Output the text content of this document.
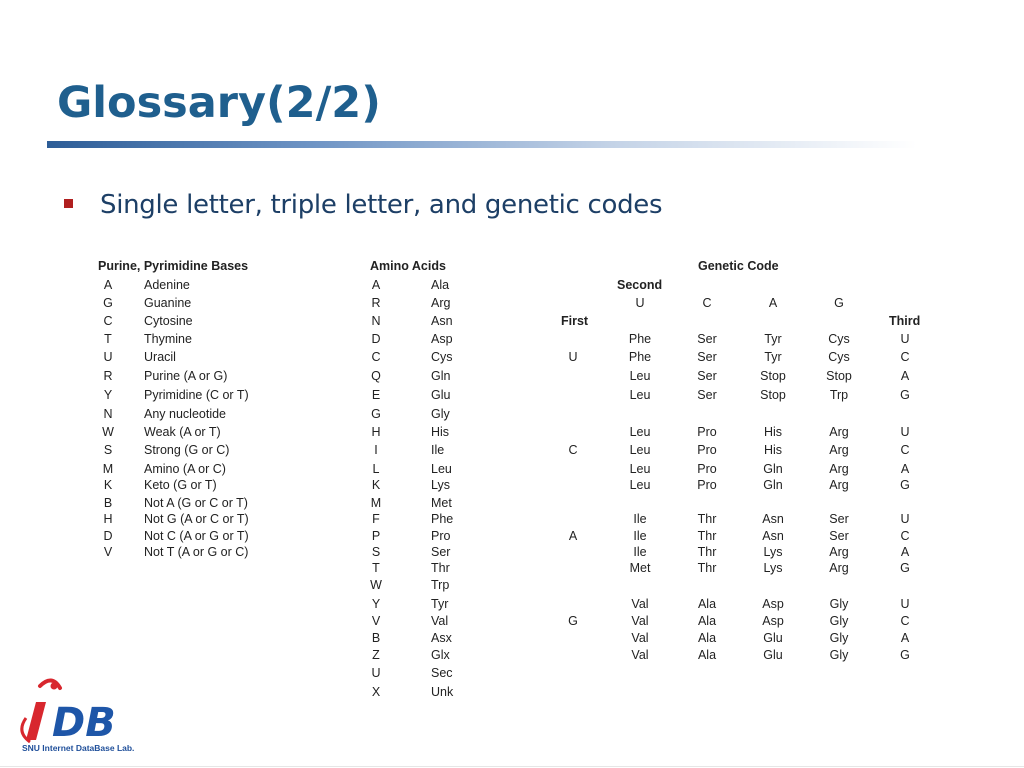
Glossary(2/2)
Single letter, triple letter, and genetic codes
Purine, Pyrimidine Bases
A	Adenine
G Guanine
C	Cytosine
T	Thymine
U	Uracil
R	Purine (A or G)
Y	Pyrimidine (C or T)
N	Any nucleotide
W Weak (A or T)
S	Strong (G or C)
M Amino (A or C)
K	Keto (G or T)
B	Not A (G or C or T)
H	Not G (A or C or T)
D	Not C (A or G or T)
V	Not T (A or G or C)
Amino Acids
A	Ala
R	Arg
N	Asn
D	Asp
C	Cys
Q	Gln
E	Glu
G	Gly
H	His
I	Ile
L	Leu
K	Lys
M	Met
F	Phe
P	Pro
S	Ser
T	Thr
W	Trp
Y	Tyr
V	Val
B	Asx
Z	Glx
U	Sec
X	Unk
Genetic Code
Second
First	Third
U	C	A	G
U
Phe	Ser	Tyr	Cys	U
Phe	Ser	Tyr	Cys	C
Leu	Ser	Stop	Stop	A
Leu	Ser	Stop	Trp	G
C
Leu	Pro	His	Arg	U
Leu	Pro	His	Arg	C
Leu	Pro	Gln	Arg	A
Leu	Pro	Gln	Arg	G
A
Ile	Thr	Asn	Ser	U
Ile	Thr	Asn	Ser	C
Ile	Thr	Lys	Arg	A
Met	Thr	Lys	Arg	G
G
Val	Ala	Asp	Gly	U
Val	Ala	Asp	Gly	C
Val	Ala	Glu	Gly	A
Val	Ala	Glu	Gly	G
DB
SNU Internet DataBase Lab.
